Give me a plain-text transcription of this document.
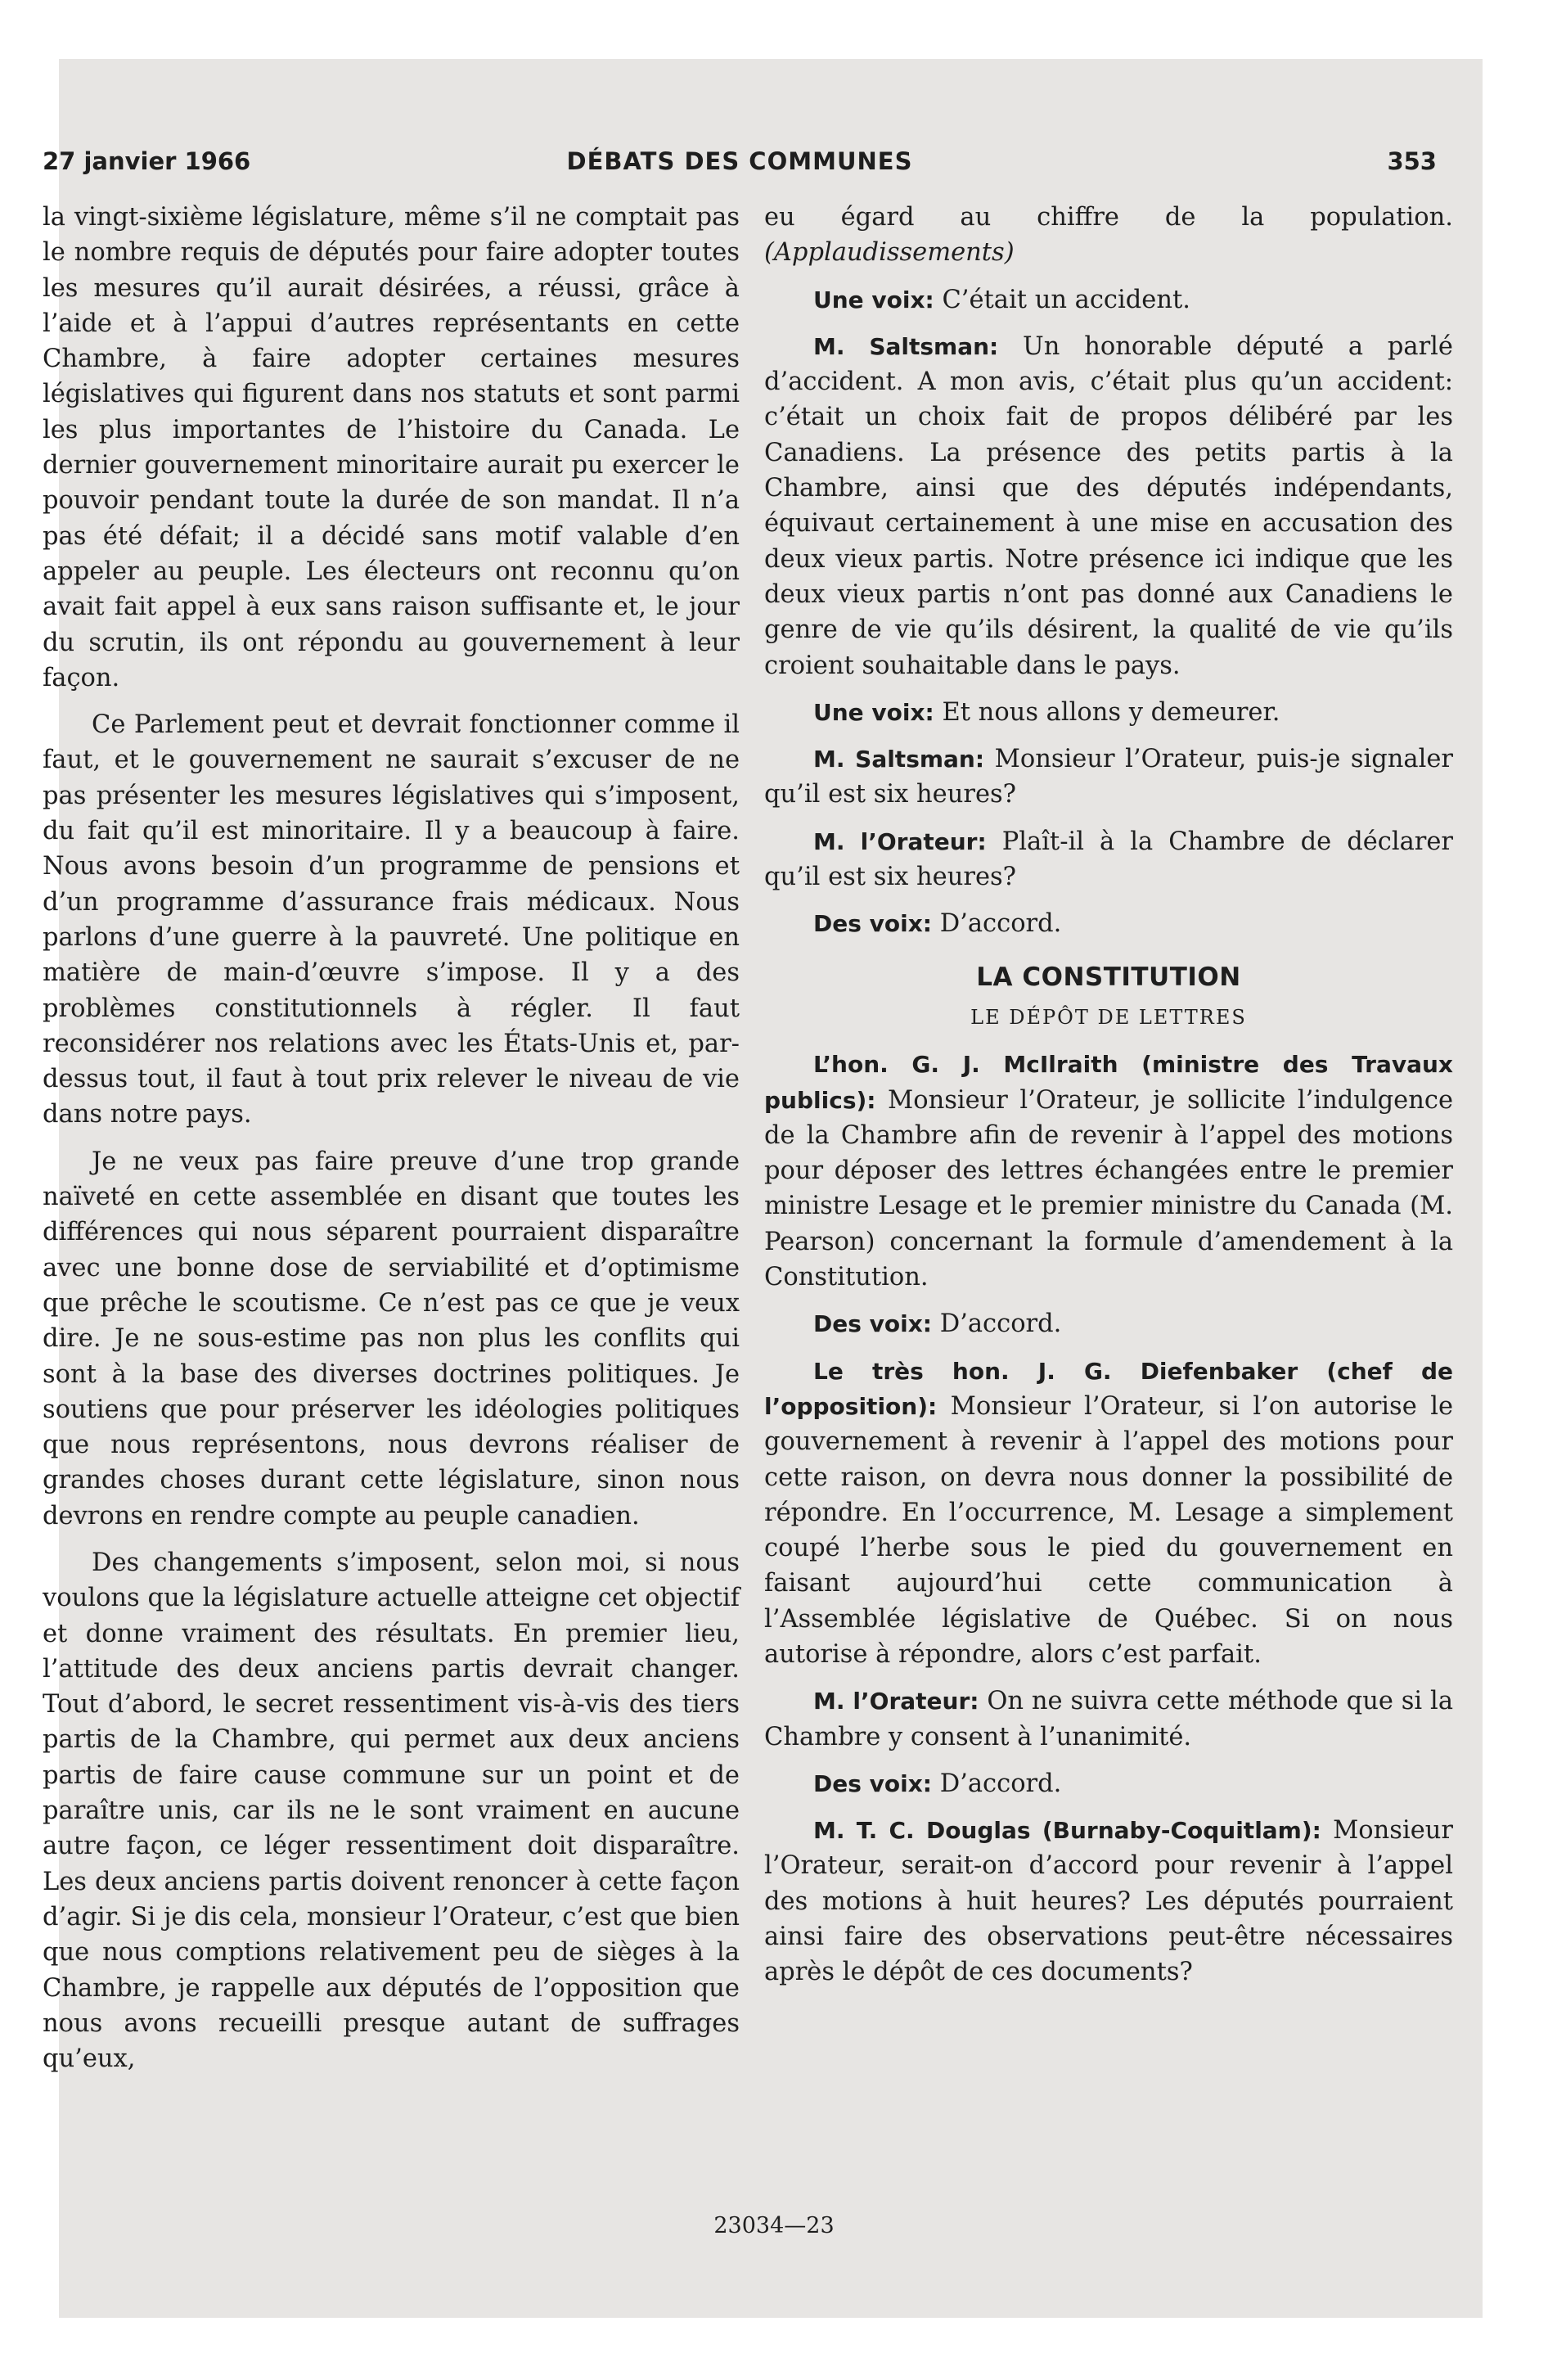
27 janvier 1966	DÉBATS DES COMMUNES	353

la vingt-sixième législature, même s’il ne comptait pas le nombre requis de députés pour faire adopter toutes les mesures qu’il aurait désirées, a réussi, grâce à l’aide et à l’appui d’autres représentants en cette Chambre, à faire adopter certaines mesures législatives qui figurent dans nos statuts et sont parmi les plus importantes de l’histoire du Canada. Le dernier gouvernement minoritaire aurait pu exercer le pouvoir pendant toute la durée de son mandat. Il n’a pas été défait; il a décidé sans motif valable d’en appeler au peuple. Les électeurs ont reconnu qu’on avait fait appel à eux sans raison suffisante et, le jour du scrutin, ils ont répondu au gouvernement à leur façon.

Ce Parlement peut et devrait fonctionner comme il faut, et le gouvernement ne saurait s’excuser de ne pas présenter les mesures législatives qui s’imposent, du fait qu’il est minoritaire. Il y a beaucoup à faire. Nous avons besoin d’un programme de pensions et d’un programme d’assurance frais médicaux. Nous parlons d’une guerre à la pauvreté. Une politique en matière de main-d’œuvre s’impose. Il y a des problèmes constitutionnels à régler. Il faut reconsidérer nos relations avec les États-Unis et, par-dessus tout, il faut à tout prix relever le niveau de vie dans notre pays.

Je ne veux pas faire preuve d’une trop grande naïveté en cette assemblée en disant que toutes les différences qui nous séparent pourraient disparaître avec une bonne dose de serviabilité et d’optimisme que prêche le scoutisme. Ce n’est pas ce que je veux dire. Je ne sous-estime pas non plus les conflits qui sont à la base des diverses doctrines politiques. Je soutiens que pour préserver les idéologies politiques que nous représentons, nous devrons réaliser de grandes choses durant cette législature, sinon nous devrons en rendre compte au peuple canadien.

Des changements s’imposent, selon moi, si nous voulons que la législature actuelle atteigne cet objectif et donne vraiment des résultats. En premier lieu, l’attitude des deux anciens partis devrait changer. Tout d’abord, le secret ressentiment vis-à-vis des tiers partis de la Chambre, qui permet aux deux anciens partis de faire cause commune sur un point et de paraître unis, car ils ne le sont vraiment en aucune autre façon, ce léger ressentiment doit disparaître. Les deux anciens partis doivent renoncer à cette façon d’agir. Si je dis cela, monsieur l’Orateur, c’est que bien que nous comptions relativement peu de sièges à la Chambre, je rappelle aux députés de l’opposition que nous avons recueilli presque autant de suffrages qu’eux,

eu égard au chiffre de la population. (Applaudissements)

Une voix: C’était un accident.

M. Saltsman: Un honorable député a parlé d’accident. A mon avis, c’était plus qu’un accident: c’était un choix fait de propos délibéré par les Canadiens. La présence des petits partis à la Chambre, ainsi que des députés indépendants, équivaut certainement à une mise en accusation des deux vieux partis. Notre présence ici indique que les deux vieux partis n’ont pas donné aux Canadiens le genre de vie qu’ils désirent, la qualité de vie qu’ils croient souhaitable dans le pays.

Une voix: Et nous allons y demeurer.

M. Saltsman: Monsieur l’Orateur, puis-je signaler qu’il est six heures?

M. l’Orateur: Plaît-il à la Chambre de déclarer qu’il est six heures?

Des voix: D’accord.

LA CONSTITUTION
LE DÉPÔT DE LETTRES

L’hon. G. J. McIlraith (ministre des Travaux publics): Monsieur l’Orateur, je sollicite l’indulgence de la Chambre afin de revenir à l’appel des motions pour déposer des lettres échangées entre le premier ministre Lesage et le premier ministre du Canada (M. Pearson) concernant la formule d’amendement à la Constitution.

Des voix: D’accord.

Le très hon. J. G. Diefenbaker (chef de l’opposition): Monsieur l’Orateur, si l’on autorise le gouvernement à revenir à l’appel des motions pour cette raison, on devra nous donner la possibilité de répondre. En l’occurrence, M. Lesage a simplement coupé l’herbe sous le pied du gouvernement en faisant aujourd’hui cette communication à l’Assemblée législative de Québec. Si on nous autorise à répondre, alors c’est parfait.

M. l’Orateur: On ne suivra cette méthode que si la Chambre y consent à l’unanimité.

Des voix: D’accord.

M. T. C. Douglas (Burnaby-Coquitlam): Monsieur l’Orateur, serait-on d’accord pour revenir à l’appel des motions à huit heures? Les députés pourraient ainsi faire des observations peut-être nécessaires après le dépôt de ces documents?

23034—23
